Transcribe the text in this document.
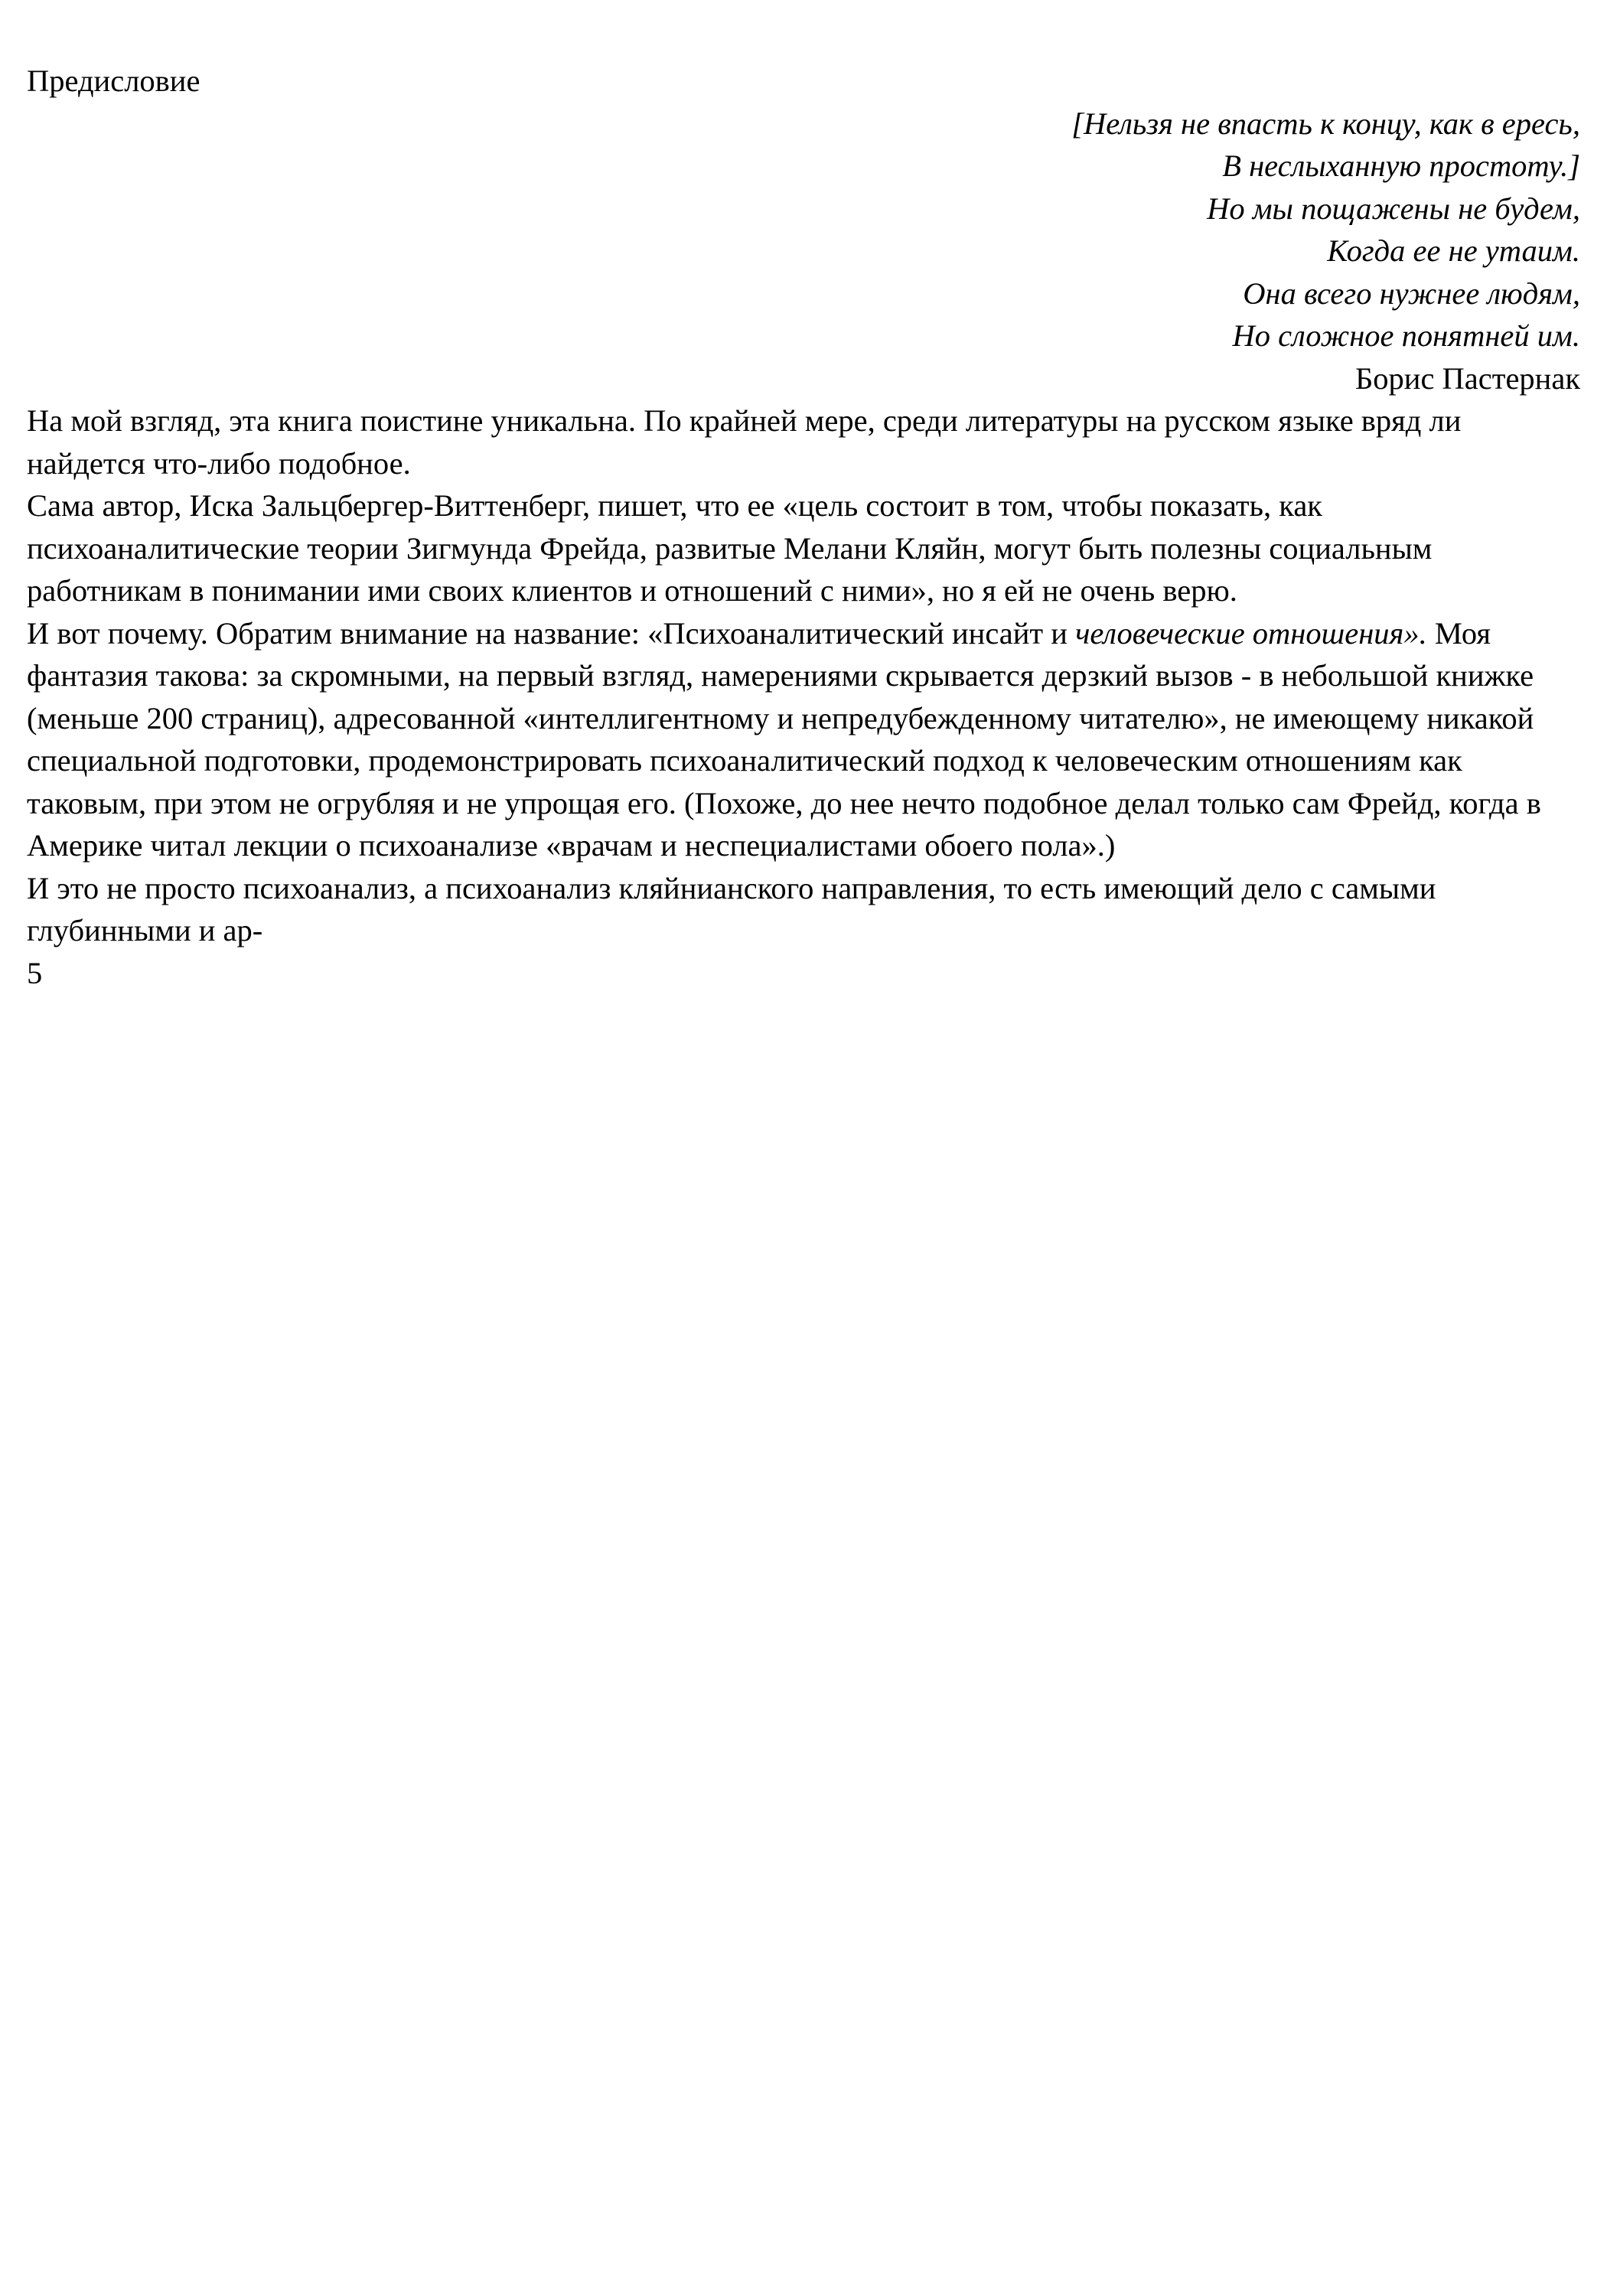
Предисловие

[Нельзя не впасть к концу, как в ересь,
В неслыханную простоту.]
Но мы пощажены не будем,
Когда ее не утаим.
Она всего нужнее людям,
Но сложное понятней им.
Борис Пастернак

На мой взгляд, эта книга поистине уникальна. По крайней мере, среди литературы на русском языке вряд ли найдется что-либо подобное.

Сама автор, Иска Зальцбергер-Виттенберг, пишет, что ее «цель состоит в том, чтобы показать, как психоаналитические теории Зигмунда Фрейда, развитые Мелани Кляйн, могут быть полезны социальным работникам в понимании ими своих клиентов и отношений с ними», но я ей не очень верю.

И вот почему. Обратим внимание на название: «Психоаналитический инсайт и человеческие отношения». Моя фантазия такова: за скромными, на первый взгляд, намерениями скрывается дерзкий вызов - в небольшой книжке (меньше 200 страниц), адресованной «интеллигентному и непредубежденному читателю», не имеющему никакой специальной подготовки, продемонстрировать психоаналитический подход к человеческим отношениям как таковым, при этом не огрубляя и не упрощая его. (Похоже, до нее нечто подобное делал только сам Фрейд, когда в Америке читал лекции о психоанализе «врачам и неспециалистами обоего пола».)

И это не просто психоанализ, а психоанализ кляйнианского направления, то есть имеющий дело с самыми глубинными и ар-

5
